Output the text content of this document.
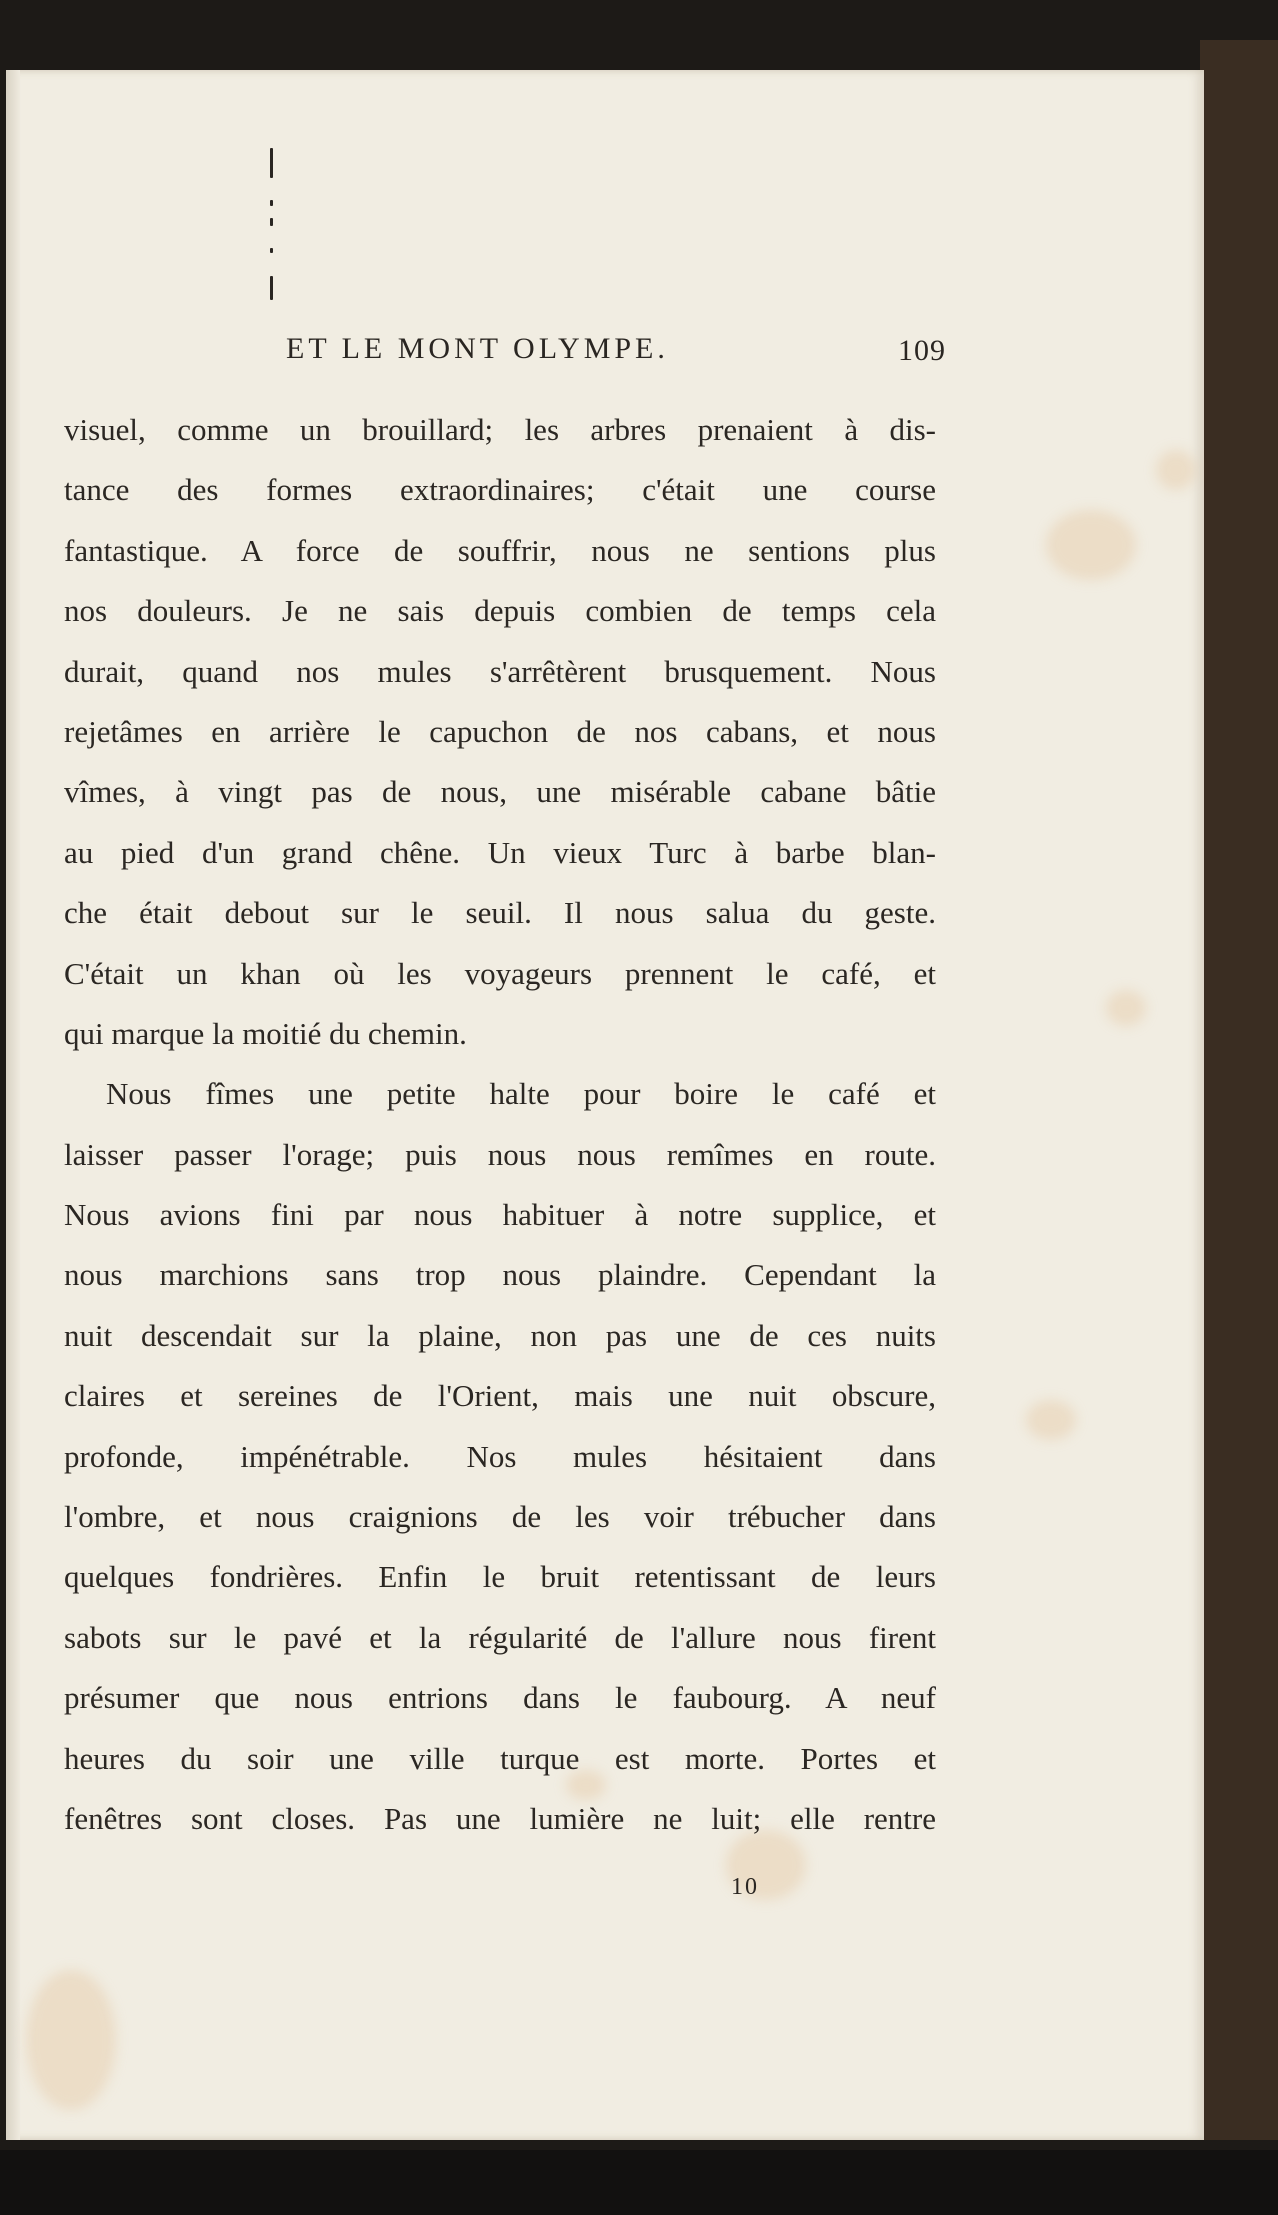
ET LE MONT OLYMPE.	109
visuel, comme un brouillard; les arbres prenaient à dis-
tance des formes extraordinaires; c'était une course
fantastique. A force de souffrir, nous ne sentions plus
nos douleurs. Je ne sais depuis combien de temps cela
durait, quand nos mules s'arrêtèrent brusquement. Nous
rejetâmes en arrière le capuchon de nos cabans, et nous
vîmes, à vingt pas de nous, une misérable cabane bâtie
au pied d'un grand chêne. Un vieux Turc à barbe blan-
che était debout sur le seuil. Il nous salua du geste.
C'était un khan où les voyageurs prennent le café, et
qui marque la moitié du chemin.
Nous fîmes une petite halte pour boire le café et
laisser passer l'orage; puis nous nous remîmes en route.
Nous avions fini par nous habituer à notre supplice, et
nous marchions sans trop nous plaindre. Cependant la
nuit descendait sur la plaine, non pas une de ces nuits
claires et sereines de l'Orient, mais une nuit obscure,
profonde, impénétrable. Nos mules hésitaient dans
l'ombre, et nous craignions de les voir trébucher dans
quelques fondrières. Enfin le bruit retentissant de leurs
sabots sur le pavé et la régularité de l'allure nous firent
présumer que nous entrions dans le faubourg. A neuf
heures du soir une ville turque est morte. Portes et
fenêtres sont closes. Pas une lumière ne luit; elle rentre
10
